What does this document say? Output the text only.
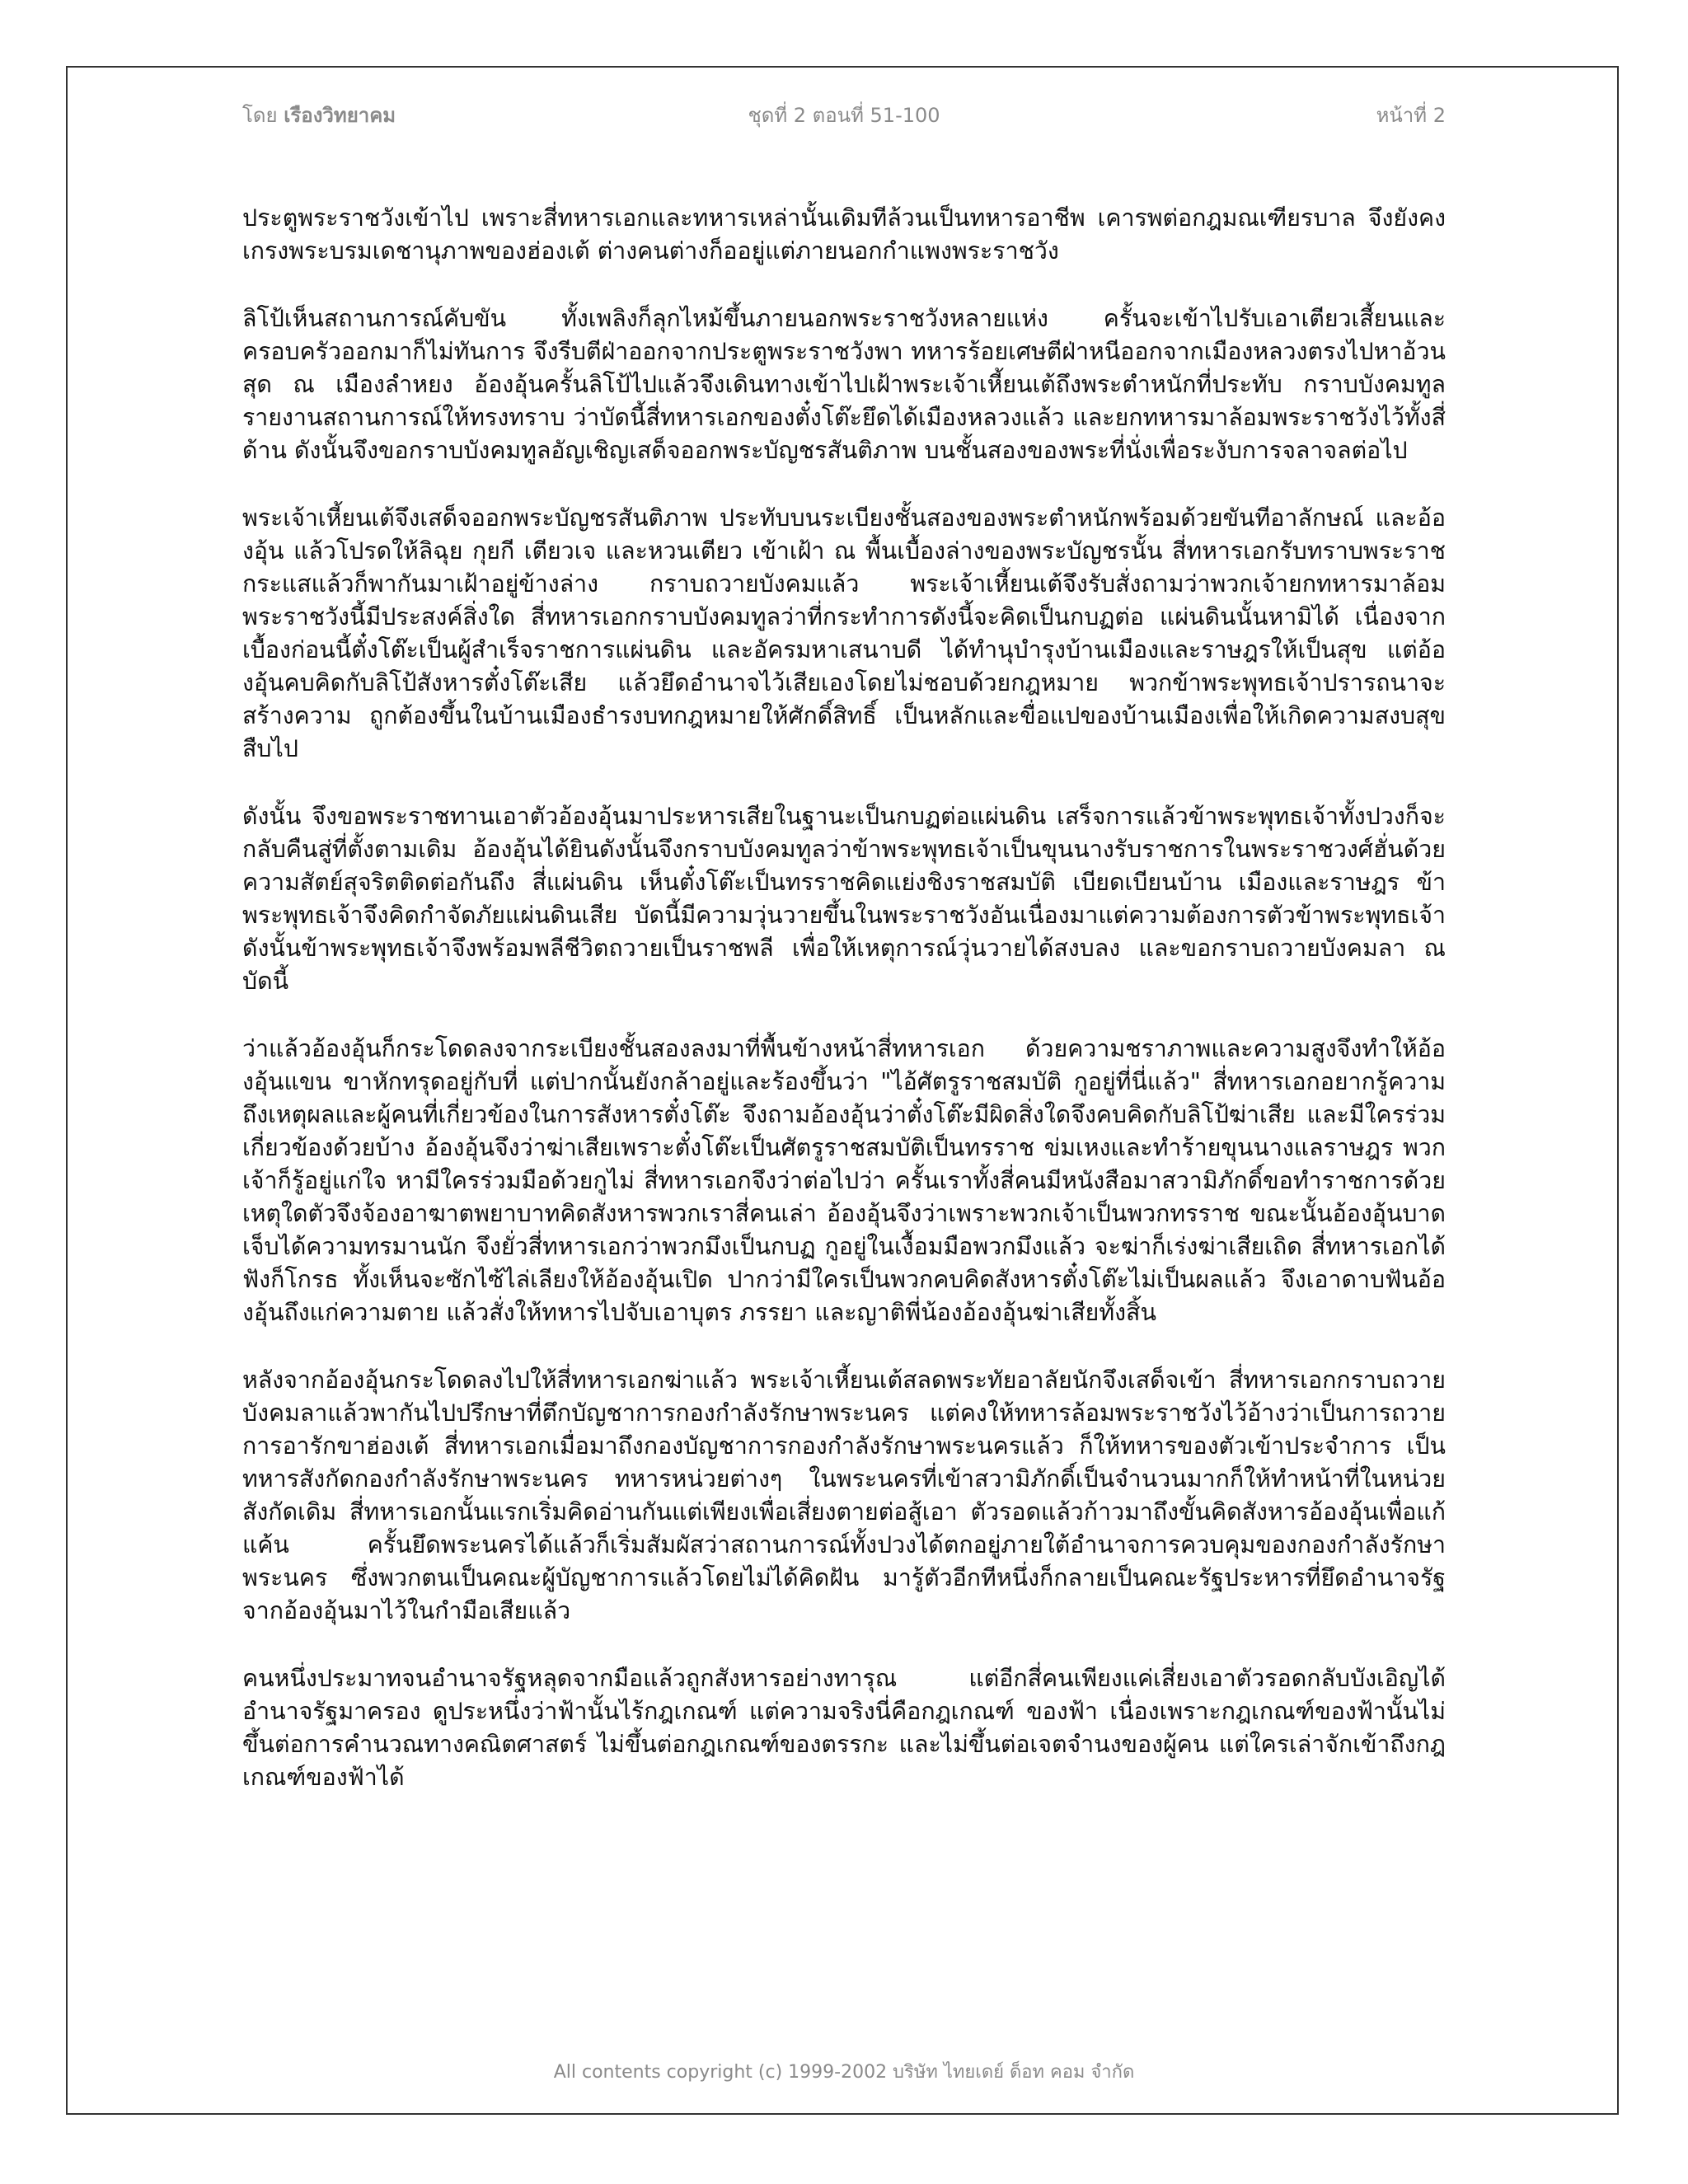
โดย เรืองวิทยาคม	ชุดที่ 2 ตอนที่ 51-100	หน้าที่ 2

ประตูพระราชวังเข้าไป เพราะสี่ทหารเอกและทหารเหล่านั้นเดิมทีล้วนเป็นทหารอาชีพ เคารพต่อกฎมณเฑียรบาล จึงยังคงเกรงพระบรมเดชานุภาพของฮ่องเต้ ต่างคนต่างก็ออยู่แต่ภายนอกกำแพงพระราชวัง

ลิโป้เห็นสถานการณ์คับขัน ทั้งเพลิงก็ลุกไหม้ขึ้นภายนอกพระราชวังหลายแห่ง ครั้นจะเข้าไปรับเอาเตียวเสี้ยนและครอบครัวออกมาก็ไม่ทันการ จึงรีบตีฝ่าออกจากประตูพระราชวังพา ทหารร้อยเศษตีฝ่าหนีออกจากเมืองหลวงตรงไปหาอ้วนสุด ณ เมืองลำหยง อ้องอุ้นครั้นลิโป้ไปแล้วจึงเดินทางเข้าไปเฝ้าพระเจ้าเหี้ยนเต้ถึงพระตำหนักที่ประทับ กราบบังคมทูลรายงานสถานการณ์ให้ทรงทราบ ว่าบัดนี้สี่ทหารเอกของตั๋งโต๊ะยึดได้เมืองหลวงแล้ว และยกทหารมาล้อมพระราชวังไว้ทั้งสี่ด้าน ดังนั้นจึงขอกราบบังคมทูลอัญเชิญเสด็จออกพระบัญชรสันติภาพ บนชั้นสองของพระที่นั่งเพื่อระงับการจลาจลต่อไป

พระเจ้าเหี้ยนเต้จึงเสด็จออกพระบัญชรสันติภาพ ประทับบนระเบียงชั้นสองของพระตำหนักพร้อมด้วยขันทีอาลักษณ์ และอ้องอุ้น แล้วโปรดให้ลิฉุย กุยกี เตียวเจ และหวนเตียว เข้าเฝ้า ณ พื้นเบื้องล่างของพระบัญชรนั้น สี่ทหารเอกรับทราบพระราชกระแสแล้วก็พากันมาเฝ้าอยู่ข้างล่าง กราบถวายบังคมแล้ว พระเจ้าเหี้ยนเต้จึงรับสั่งถามว่าพวกเจ้ายกทหารมาล้อมพระราชวังนี้มีประสงค์สิ่งใด สี่ทหารเอกกราบบังคมทูลว่าที่กระทำการดังนี้จะคิดเป็นกบฏต่อ แผ่นดินนั้นหามิได้ เนื่องจากเบื้องก่อนนี้ตั๋งโต๊ะเป็นผู้สำเร็จราชการแผ่นดิน และอัครมหาเสนาบดี ได้ทำนุบำรุงบ้านเมืองและราษฎรให้เป็นสุข แต่อ้องอุ้นคบคิดกับลิโป้สังหารตั๋งโต๊ะเสีย แล้วยึดอำนาจไว้เสียเองโดยไม่ชอบด้วยกฎหมาย พวกข้าพระพุทธเจ้าปรารถนาจะสร้างความ ถูกต้องขึ้นในบ้านเมืองธำรงบทกฎหมายให้ศักดิ์สิทธิ์ เป็นหลักและขื่อแปของบ้านเมืองเพื่อให้เกิดความสงบสุขสืบไป

ดังนั้น จึงขอพระราชทานเอาตัวอ้องอุ้นมาประหารเสียในฐานะเป็นกบฏต่อแผ่นดิน เสร็จการแล้วข้าพระพุทธเจ้าทั้งปวงก็จะ กลับคืนสู่ที่ตั้งตามเดิม อ้องอุ้นได้ยินดังนั้นจึงกราบบังคมทูลว่าข้าพระพุทธเจ้าเป็นขุนนางรับราชการในพระราชวงศ์ฮั่นด้วยความสัตย์สุจริตติดต่อกันถึง สี่แผ่นดิน เห็นตั๋งโต๊ะเป็นทรราชคิดแย่งชิงราชสมบัติ เบียดเบียนบ้าน เมืองและราษฎร ข้าพระพุทธเจ้าจึงคิดกำจัดภัยแผ่นดินเสีย บัดนี้มีความวุ่นวายขึ้นในพระราชวังอันเนื่องมาแต่ความต้องการตัวข้าพระพุทธเจ้า ดังนั้นข้าพระพุทธเจ้าจึงพร้อมพลีชีวิตถวายเป็นราชพลี เพื่อให้เหตุการณ์วุ่นวายได้สงบลง และขอกราบถวายบังคมลา ณ บัดนี้

ว่าแล้วอ้องอุ้นก็กระโดดลงจากระเบียงชั้นสองลงมาที่พื้นข้างหน้าสี่ทหารเอก ด้วยความชราภาพและความสูงจึงทำให้อ้องอุ้นแขน ขาหักทรุดอยู่กับที่ แต่ปากนั้นยังกล้าอยู่และร้องขึ้นว่า "ไอ้ศัตรูราชสมบัติ กูอยู่ที่นี่แล้ว" สี่ทหารเอกอยากรู้ความถึงเหตุผลและผู้คนที่เกี่ยวข้องในการสังหารตั๋งโต๊ะ จึงถามอ้องอุ้นว่าตั๋งโต๊ะมีผิดสิ่งใดจึงคบคิดกับลิโป้ฆ่าเสีย และมีใครร่วมเกี่ยวข้องด้วยบ้าง อ้องอุ้นจึงว่าฆ่าเสียเพราะตั๋งโต๊ะเป็นศัตรูราชสมบัติเป็นทรราช ข่มเหงและทำร้ายขุนนางแลราษฎร พวกเจ้าก็รู้อยู่แก่ใจ หามีใครร่วมมือด้วยกูไม่ สี่ทหารเอกจึงว่าต่อไปว่า ครั้นเราทั้งสี่คนมีหนังสือมาสวามิภักดิ์ขอทำราชการด้วย เหตุใดตัวจึงจ้องอาฆาตพยาบาทคิดสังหารพวกเราสี่คนเล่า อ้องอุ้นจึงว่าเพราะพวกเจ้าเป็นพวกทรราช ขณะนั้นอ้องอุ้นบาดเจ็บได้ความทรมานนัก จึงยั่วสี่ทหารเอกว่าพวกมึงเป็นกบฏ กูอยู่ในเงื้อมมือพวกมึงแล้ว จะฆ่าก็เร่งฆ่าเสียเถิด สี่ทหารเอกได้ฟังก็โกรธ ทั้งเห็นจะซักไซ้ไล่เลียงให้อ้องอุ้นเปิด ปากว่ามีใครเป็นพวกคบคิดสังหารตั๋งโต๊ะไม่เป็นผลแล้ว จึงเอาดาบฟันอ้องอุ้นถึงแก่ความตาย แล้วสั่งให้ทหารไปจับเอาบุตร ภรรยา และญาติพี่น้องอ้องอุ้นฆ่าเสียทั้งสิ้น

หลังจากอ้องอุ้นกระโดดลงไปให้สี่ทหารเอกฆ่าแล้ว พระเจ้าเหี้ยนเต้สลดพระทัยอาลัยนักจึงเสด็จเข้า สี่ทหารเอกกราบถวายบังคมลาแล้วพากันไปปรึกษาที่ตึกบัญชาการกองกำลังรักษาพระนคร แต่คงให้ทหารล้อมพระราชวังไว้อ้างว่าเป็นการถวายการอารักขาฮ่องเต้ สี่ทหารเอกเมื่อมาถึงกองบัญชาการกองกำลังรักษาพระนครแล้ว ก็ให้ทหารของตัวเข้าประจำการ เป็นทหารสังกัดกองกำลังรักษาพระนคร ทหารหน่วยต่างๆ ในพระนครที่เข้าสวามิภักดิ์เป็นจำนวนมากก็ให้ทำหน้าที่ในหน่วยสังกัดเดิม สี่ทหารเอกนั้นแรกเริ่มคิดอ่านกันแต่เพียงเพื่อเสี่ยงตายต่อสู้เอา ตัวรอดแล้วก้าวมาถึงขั้นคิดสังหารอ้องอุ้นเพื่อแก้แค้น ครั้นยึดพระนครได้แล้วก็เริ่มสัมผัสว่าสถานการณ์ทั้งปวงได้ตกอยู่ภายใต้อำนาจการควบคุมของกองกำลังรักษาพระนคร ซึ่งพวกตนเป็นคณะผู้บัญชาการแล้วโดยไม่ได้คิดฝัน มารู้ตัวอีกทีหนึ่งก็กลายเป็นคณะรัฐประหารที่ยึดอำนาจรัฐจากอ้องอุ้นมาไว้ในกำมือเสียแล้ว

คนหนึ่งประมาทจนอำนาจรัฐหลุดจากมือแล้วถูกสังหารอย่างทารุณ แต่อีกสี่คนเพียงแค่เสี่ยงเอาตัวรอดกลับบังเอิญได้อำนาจรัฐมาครอง ดูประหนึ่งว่าฟ้านั้นไร้กฎเกณฑ์ แต่ความจริงนี่คือกฎเกณฑ์ ของฟ้า เนื่องเพราะกฎเกณฑ์ของฟ้านั้นไม่ขึ้นต่อการคำนวณทางคณิตศาสตร์ ไม่ขึ้นต่อกฎเกณฑ์ของตรรกะ และไม่ขึ้นต่อเจตจำนงของผู้คน แต่ใครเล่าจักเข้าถึงกฎเกณฑ์ของฟ้าได้

All contents copyright (c) 1999-2002 บริษัท ไทยเดย์ ด็อท คอม จำกัด
